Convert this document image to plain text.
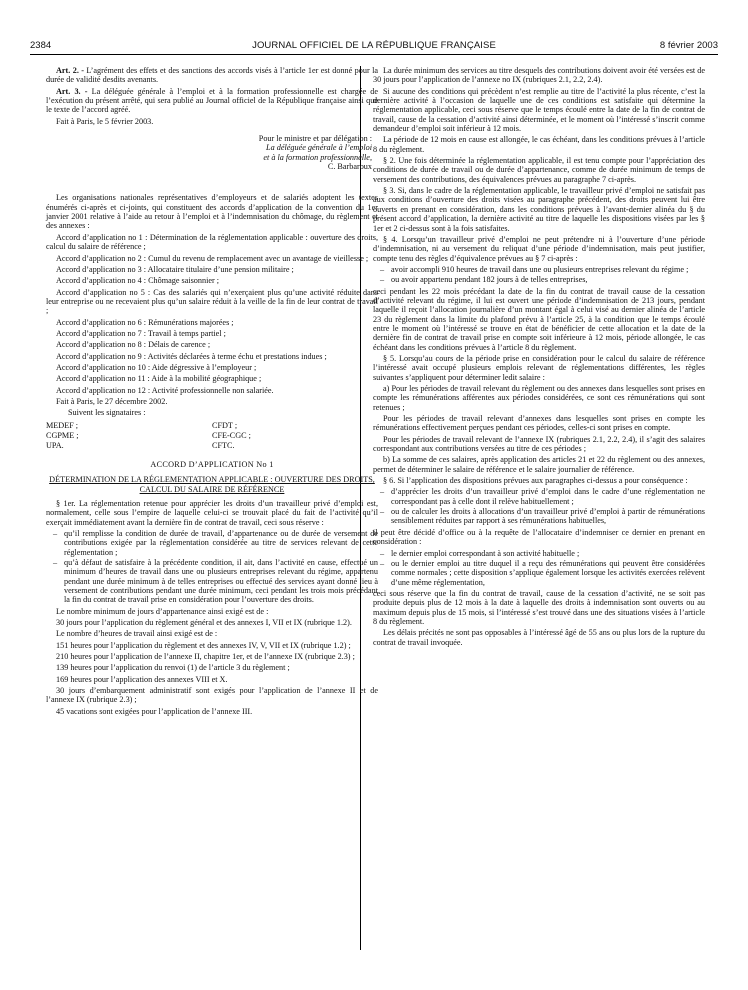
2384	JOURNAL OFFICIEL DE LA RÉPUBLIQUE FRANÇAISE	8 février 2003

Art. 2. - L’agrément des effets et des sanctions des accords visés à l’article 1er est donné pour la durée de validité desdits avenants.

Art. 3. - La déléguée générale à l’emploi et à la formation professionnelle est chargée de l’exécution du présent arrêté, qui sera publié au Journal officiel de la République française ainsi que le texte de l’accord agréé.

Fait à Paris, le 5 février 2003.

Pour le ministre et par délégation :

La déléguée générale à l’emploi

et à la formation professionnelle,

C. Barbaroux

Les organisations nationales représentatives d’employeurs et de salariés adoptent les textes énumérés ci-après et ci-joints, qui constituent des accords d’application de la convention du 1er janvier 2001 relative à l’aide au retour à l’emploi et à l’indemnisation du chômage, du règlement et des annexes :

Accord d’application no 1 : Détermination de la réglementation applicable : ouverture des droits, calcul du salaire de référence ;

Accord d’application no 2 : Cumul du revenu de remplacement avec un avantage de vieillesse ;

Accord d’application no 3 : Allocataire titulaire d’une pension militaire ;

Accord d’application no 4 : Chômage saisonnier ;

Accord d’application no 5 : Cas des salariés qui n’exerçaient plus qu’une activité réduite dans leur entreprise ou ne recevaient plus qu’un salaire réduit à la veille de la fin de leur contrat de travail ;

Accord d’application no 6 : Rémunérations majorées ;

Accord d’application no 7 : Travail à temps partiel ;

Accord d’application no 8 : Délais de carence ;

Accord d’application no 9 : Activités déclarées à terme échu et prestations indues ;

Accord d’application no 10 : Aide dégressive à l’employeur ;

Accord d’application no 11 : Aide à la mobilité géographique ;

Accord d’application no 12 : Activité professionnelle non salariée.

Fait à Paris, le 27 décembre 2002.

Suivent les signataires :

MEDEF ;	CFDT ;
CGPME ;	CFE-CGC ;
UPA.	CFTC.

ACCORD D’APPLICATION No 1

DÉTERMINATION DE LA RÉGLEMENTATION APPLICABLE : OUVERTURE DES DROITS, CALCUL DU SALAIRE DE RÉFÉRENCE

§ 1er. La réglementation retenue pour apprécier les droits d’un travailleur privé d’emploi est, normalement, celle sous l’empire de laquelle celui-ci se trouvait placé du fait de l’activité qu’il exerçait immédiatement avant la dernière fin de contrat de travail, ceci sous réserve :

– qu’il remplisse la condition de durée de travail, d’appartenance ou de durée de versement de contributions exigée par la réglementation considérée au titre de services relevant de cette réglementation ;
– qu’à défaut de satisfaire à la précédente condition, il ait, dans l’activité en cause, effectué un minimum d’heures de travail dans une ou plusieurs entreprises relevant du régime, appartenu pendant une durée minimum à de telles entreprises ou effectué des services ayant donné lieu à versement de contributions pendant une durée minimum, ceci pendant les trois mois précédant la fin du contrat de travail prise en considération pour l’ouverture des droits.

Le nombre minimum de jours d’appartenance ainsi exigé est de :

30 jours pour l’application du règlement général et des annexes I, VII et IX (rubrique 1.2).

Le nombre d’heures de travail ainsi exigé est de :

151 heures pour l’application du règlement et des annexes IV, V, VII et IX (rubrique 1.2) ;

210 heures pour l’application de l’annexe II, chapitre 1er, et de l’annexe IX (rubrique 2.3) ;

139 heures pour l’application du renvoi (1) de l’article 3 du règlement ;

169 heures pour l’application des annexes VIII et X.

30 jours d’embarquement administratif sont exigés pour l’application de l’annexe II et de l’annexe IX (rubrique 2.3) ;

45 vacations sont exigées pour l’application de l’annexe III.

La durée minimum des services au titre desquels des contributions doivent avoir été versées est de 30 jours pour l’application de l’annexe no IX (rubriques 2.1, 2.2, 2.4).

Si aucune des conditions qui précèdent n’est remplie au titre de l’activité la plus récente, c’est la dernière activité à l’occasion de laquelle une de ces conditions est satisfaite qui détermine la réglementation applicable, ceci sous réserve que le temps écoulé entre la date de la fin de contrat de travail, cause de la cessation d’activité ainsi déterminée, et le moment où l’intéressé s’inscrit comme demandeur d’emploi soit inférieur à 12 mois.

La période de 12 mois en cause est allongée, le cas échéant, dans les conditions prévues à l’article 8 du règlement.

§ 2. Une fois déterminée la réglementation applicable, il est tenu compte pour l’appréciation des conditions de durée de travail ou de durée d’appartenance, comme de durée minimum de temps de versement des contributions, des équivalences prévues au paragraphe 7 ci-après.

§ 3. Si, dans le cadre de la réglementation applicable, le travailleur privé d’emploi ne satisfait pas aux conditions d’ouverture des droits visées au paragraphe précédent, des droits peuvent lui être ouverts en prenant en considération, dans les conditions prévues à l’avant-dernier alinéa du § du présent accord d’application, la dernière activité au titre de laquelle les dispositions visées par les § 1er et 2 ci-dessus sont à la fois satisfaites.

§ 4. Lorsqu’un travailleur privé d’emploi ne peut prétendre ni à l’ouverture d’une période d’indemnisation, ni au versement du reliquat d’une période d’indemnisation, mais peut justifier, compte tenu des règles d’équivalence prévues au § 7 ci-après :

– avoir accompli 910 heures de travail dans une ou plusieurs entreprises relevant du régime ;
– ou avoir appartenu pendant 182 jours à de telles entreprises,

ceci pendant les 22 mois précédant la date de la fin du contrat de travail cause de la cessation d’activité relevant du régime, il lui est ouvert une période d’indemnisation de 213 jours, pendant laquelle il reçoit l’allocation journalière d’un montant égal à celui visé au dernier alinéa de l’article 23 du règlement dans la limite du plafond prévu à l’article 25, à la condition que le temps écoulé entre le moment où l’intéressé se trouve en état de bénéficier de cette allocation et la date de la dernière fin de contrat de travail prise en compte soit inférieure à 12 mois, période allongée, le cas échéant dans les conditions prévues à l’article 8 du règlement.

§ 5. Lorsqu’au cours de la période prise en considération pour le calcul du salaire de référence l’intéressé avait occupé plusieurs emplois relevant de réglementations différentes, les règles suivantes s’appliquent pour déterminer ledit salaire :

a) Pour les périodes de travail relevant du règlement ou des annexes dans lesquelles sont prises en compte les rémunérations afférentes aux périodes considérées, ce sont ces rémunérations qui sont retenues ;

Pour les périodes de travail relevant d’annexes dans lesquelles sont prises en compte les rémunérations effectivement perçues pendant ces périodes, celles-ci sont prises en compte.

Pour les périodes de travail relevant de l’annexe IX (rubriques 2.1, 2.2, 2.4), il s’agit des salaires correspondant aux contributions versées au titre de ces périodes ;

b) La somme de ces salaires, après application des articles 21 et 22 du règlement ou des annexes, permet de déterminer le salaire de référence et le salaire journalier de référence.

§ 6. Si l’application des dispositions prévues aux paragraphes ci-dessus a pour conséquence :

– d’apprécier les droits d’un travailleur privé d’emploi dans le cadre d’une réglementation ne correspondant pas à celle dont il relève habituellement ;
– ou de calculer les droits à allocations d’un travailleur privé d’emploi à partir de rémunérations sensiblement réduites par rapport à ses rémunérations habituelles,

il peut être décidé d’office ou à la requête de l’allocataire d’indemniser ce dernier en prenant en considération :

– le dernier emploi correspondant à son activité habituelle ;
– ou le dernier emploi au titre duquel il a reçu des rémunérations qui peuvent être considérées comme normales ; cette disposition s’applique également lorsque les activités exercées relèvent d’une même réglementation,

ceci sous réserve que la fin du contrat de travail, cause de la cessation d’activité, ne se soit pas produite depuis plus de 12 mois à la date à laquelle des droits à indemnisation sont ouverts ou au maximum depuis plus de 15 mois, si l’intéressé s’est trouvé dans une des situations visées à l’article 8 du règlement.

Les délais précités ne sont pas opposables à l’intéressé âgé de 55 ans ou plus lors de la rupture du contrat de travail invoquée.
